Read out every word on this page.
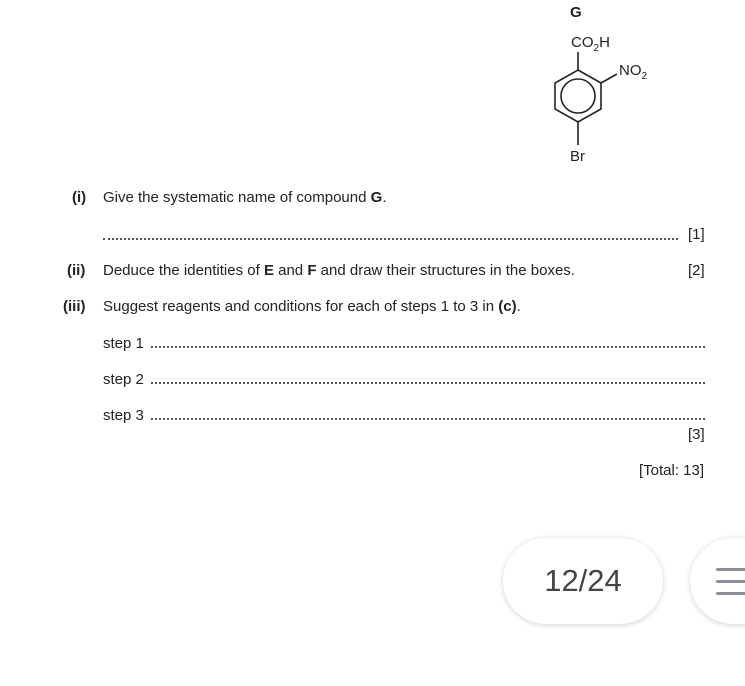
G
$CO_2H$
$NO_2$
Br
(i) Give the systematic name of compound G.
[1]
(ii) Deduce the identities of E and F and draw their structures in the boxes.	[2]
(iii) Suggest reagents and conditions for each of steps 1 to 3 in (c).
step 1
step 2
step 3
[3]
[Total: 13]
12/24
